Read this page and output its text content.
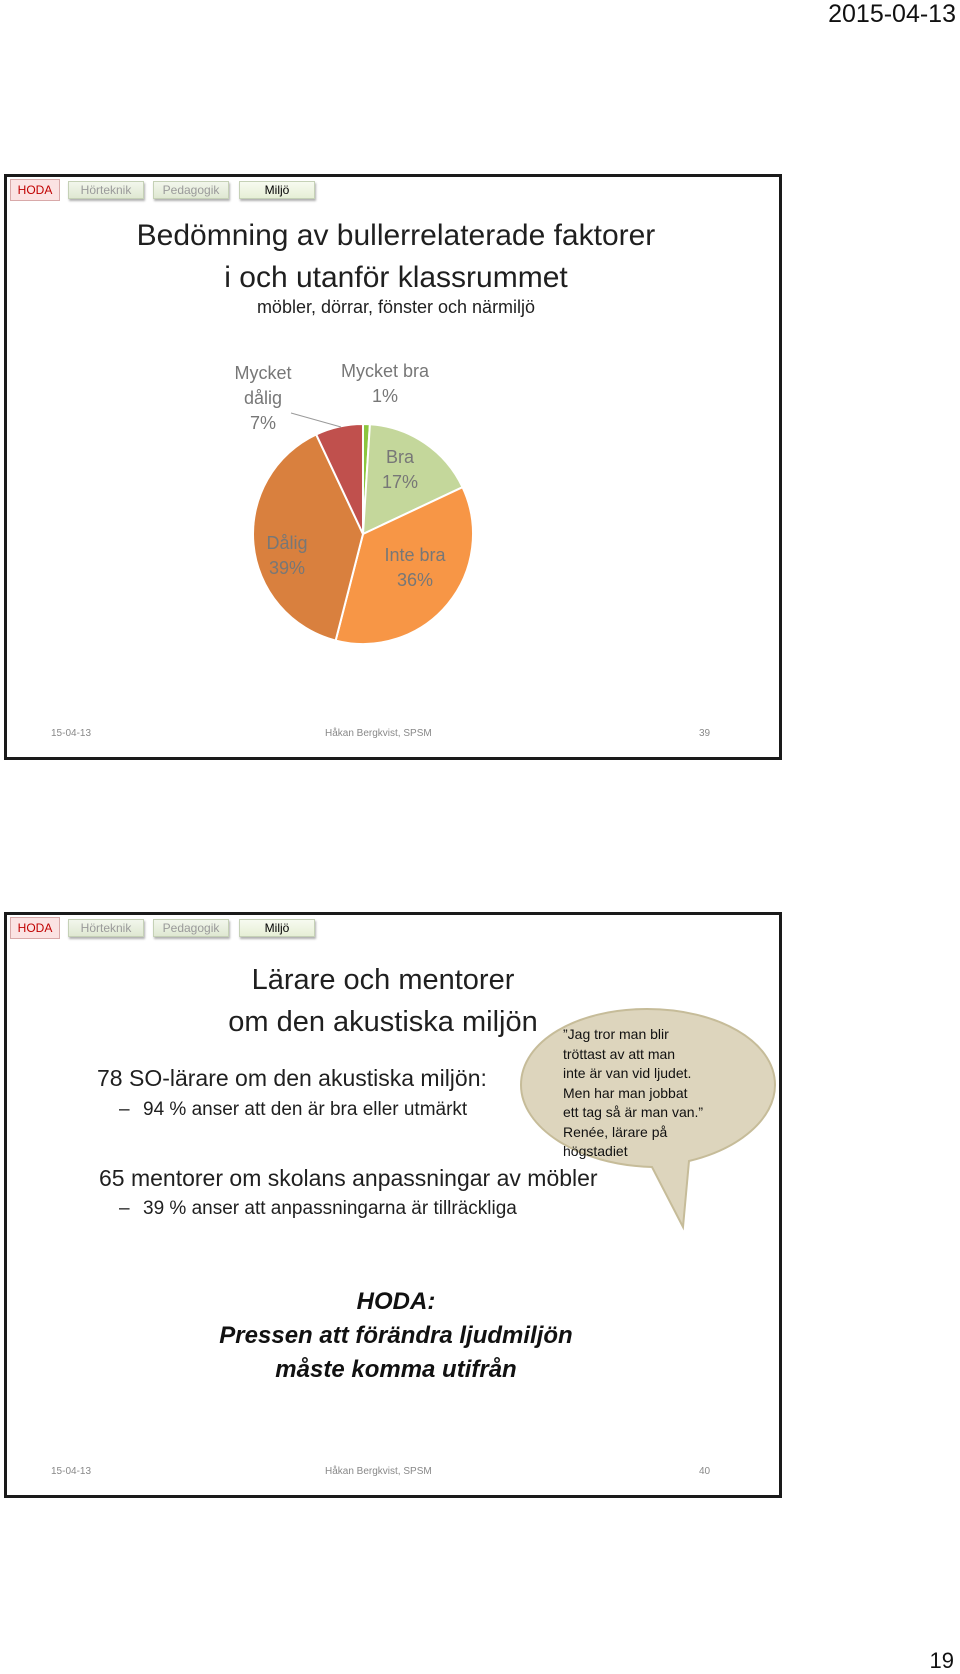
2015-04-13
HODA	Hörteknik	Pedagogik	Miljö
Bedömning av bullerrelaterade faktorer
i och utanför klassrummet
möbler, dörrar, fönster och närmiljö
Mycket bra 1%
Bra 17%
Inte bra 36%
Dålig 39%
Mycket dålig 7%
15-04-13	Håkan Bergkvist, SPSM	39
HODA	Hörteknik	Pedagogik	Miljö
Lärare och mentorer
om den akustiska miljön	”Jag tror man blir
tröttast av att man
inte är van vid ljudet.
Men har man jobbat
ett tag så är man van.”
Renée, lärare på
högstadiet
78 SO-lärare om den akustiska miljön:
– 94 % anser att den är bra eller utmärkt
65 mentorer om skolans anpassningar av möbler
– 39 % anser att anpassningarna är tillräckliga
HODA:
Pressen att förändra ljudmiljön
måste komma utifrån
15-04-13	Håkan Bergkvist, SPSM	40
19
